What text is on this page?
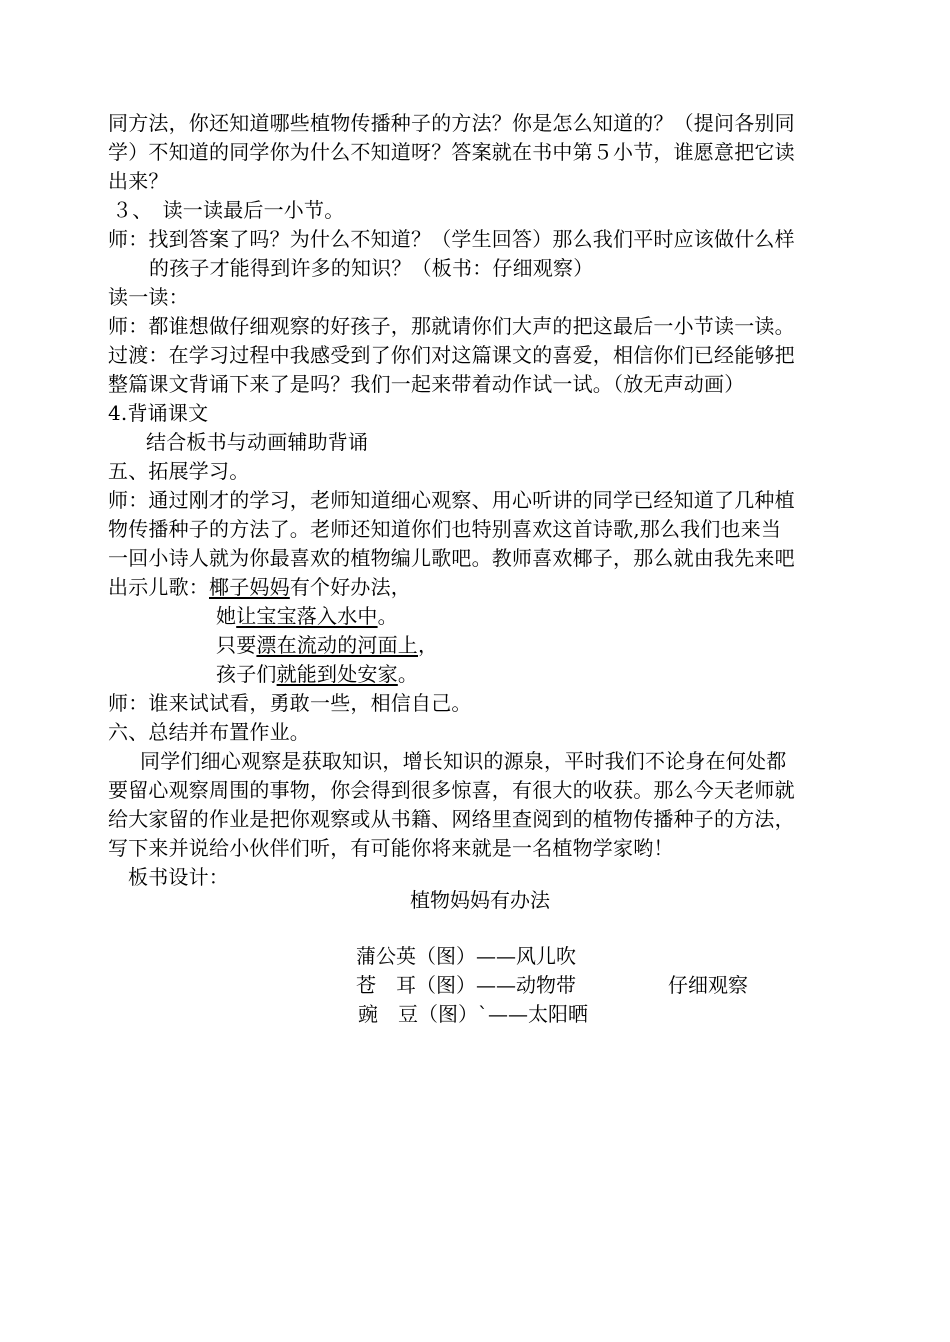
同方法，你还知道哪些植物传播种子的方法？你是怎么知道的？（提问各别同
学）不知道的同学你为什么不知道呀？答案就在书中第５小节，谁愿意把它读
出来？
３、　读一读最后一小节。
师：找到答案了吗？为什么不知道？（学生回答）那么我们平时应该做什么样
的孩子才能得到许多的知识？（板书：仔细观察）
读一读：
师：都谁想做仔细观察的好孩子，那就请你们大声的把这最后一小节读一读。
过渡：在学习过程中我感受到了你们对这篇课文的喜爱，相信你们已经能够把
整篇课文背诵下来了是吗？我们一起来带着动作试一试。（放无声动画）
4.背诵课文
结合板书与动画辅助背诵
五、拓展学习。
师：通过刚才的学习，老师知道细心观察、用心听讲的同学已经知道了几种植
物传播种子的方法了。老师还知道你们也特别喜欢这首诗歌,那么我们也来当
一回小诗人就为你最喜欢的植物编儿歌吧。教师喜欢椰子，那么就由我先来吧
出示儿歌：椰子妈妈有个好办法，
她让宝宝落入水中。
只要漂在流动的河面上，
孩子们就能到处安家。
师：谁来试试看，勇敢一些，相信自己。
六、总结并布置作业。
同学们细心观察是获取知识，增长知识的源泉，平时我们不论身在何处都
要留心观察周围的事物，你会得到很多惊喜，有很大的收获。那么今天老师就
给大家留的作业是把你观察或从书籍、网络里查阅到的植物传播种子的方法，
写下来并说给小伙伴们听，有可能你将来就是一名植物学家哟！
板书设计：
植物妈妈有办法
蒲公英（图）——风儿吹
苍　耳（图）——动物带	仔细观察
豌　豆（图）`——太阳晒
